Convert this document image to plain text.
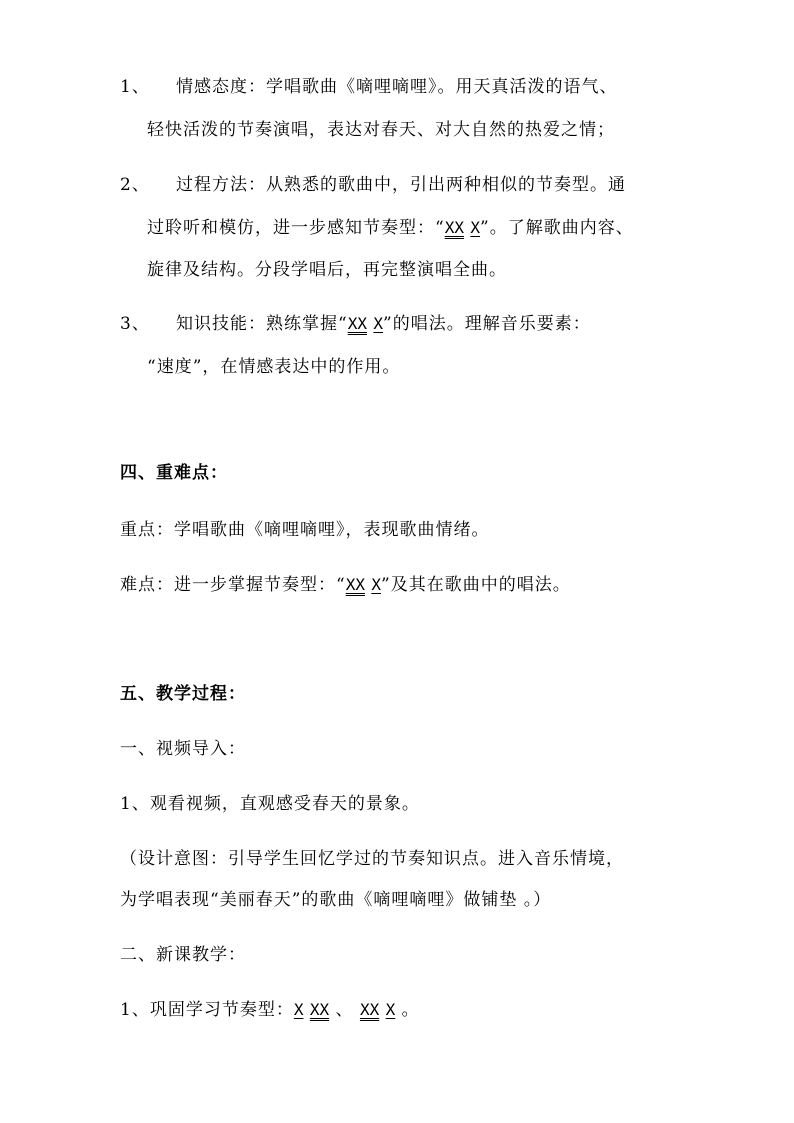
1、 情感态度：学唱歌曲《嘀哩嘀哩》。用天真活泼的语气、
轻快活泼的节奏演唱，表达对春天、对大自然的热爱之情；
2、 过程方法：从熟悉的歌曲中，引出两种相似的节奏型。通
过聆听和模仿，进一步感知节奏型：“XX X”。了解歌曲内容、
旋律及结构。分段学唱后，再完整演唱全曲。
3、 知识技能：熟练掌握“XX X”的唱法。理解音乐要素：
“速度”，在情感表达中的作用。
四、重难点：
重点：学唱歌曲《嘀哩嘀哩》，表现歌曲情绪。
难点：进一步掌握节奏型：“XX X”及其在歌曲中的唱法。
五、教学过程：
一、视频导入：
1、观看视频，直观感受春天的景象。
（设计意图：引导学生回忆学过的节奏知识点。进入音乐情境，
为学唱表现“美丽春天”的歌曲《嘀哩嘀哩》做铺垫 。）
二、新课教学：
1、巩固学习节奏型：X XX 、 XX X 。
